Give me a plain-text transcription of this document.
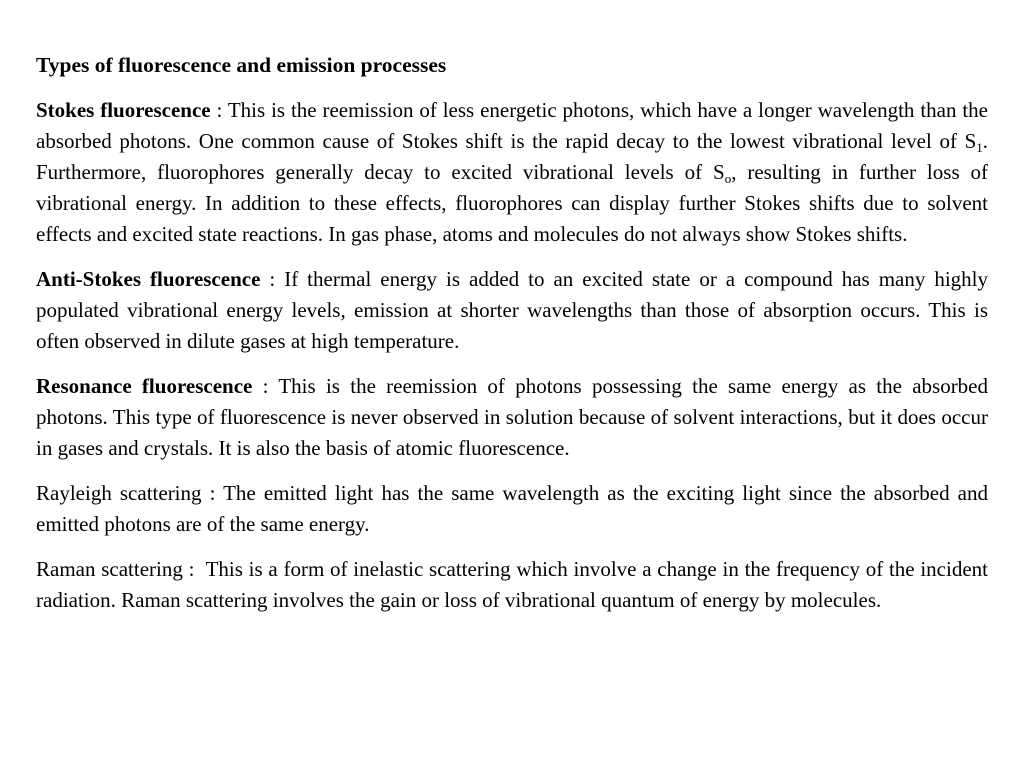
Types of fluorescence and emission processes

Stokes fluorescence : This is the reemission of less energetic photons, which have a longer wavelength than the absorbed photons. One common cause of Stokes shift is the rapid decay to the lowest vibrational level of $S_1$. Furthermore, fluorophores generally decay to excited vibrational levels of $S_o$, resulting in further loss of vibrational energy. In addition to these effects, fluorophores can display further Stokes shifts due to solvent effects and excited state reactions. In gas phase, atoms and molecules do not always show Stokes shifts.

Anti-Stokes fluorescence : If thermal energy is added to an excited state or a compound has many highly populated vibrational energy levels, emission at shorter wavelengths than those of absorption occurs. This is often observed in dilute gases at high temperature.

Resonance fluorescence : This is the reemission of photons possessing the same energy as the absorbed photons. This type of fluorescence is never observed in solution because of solvent interactions, but it does occur in gases and crystals. It is also the basis of atomic fluorescence.

Rayleigh scattering : The emitted light has the same wavelength as the exciting light since the absorbed and emitted photons are of the same energy.

Raman scattering :  This is a form of inelastic scattering which involve a change in the frequency of the incident radiation. Raman scattering involves the gain or loss of vibrational quantum of energy by molecules.
